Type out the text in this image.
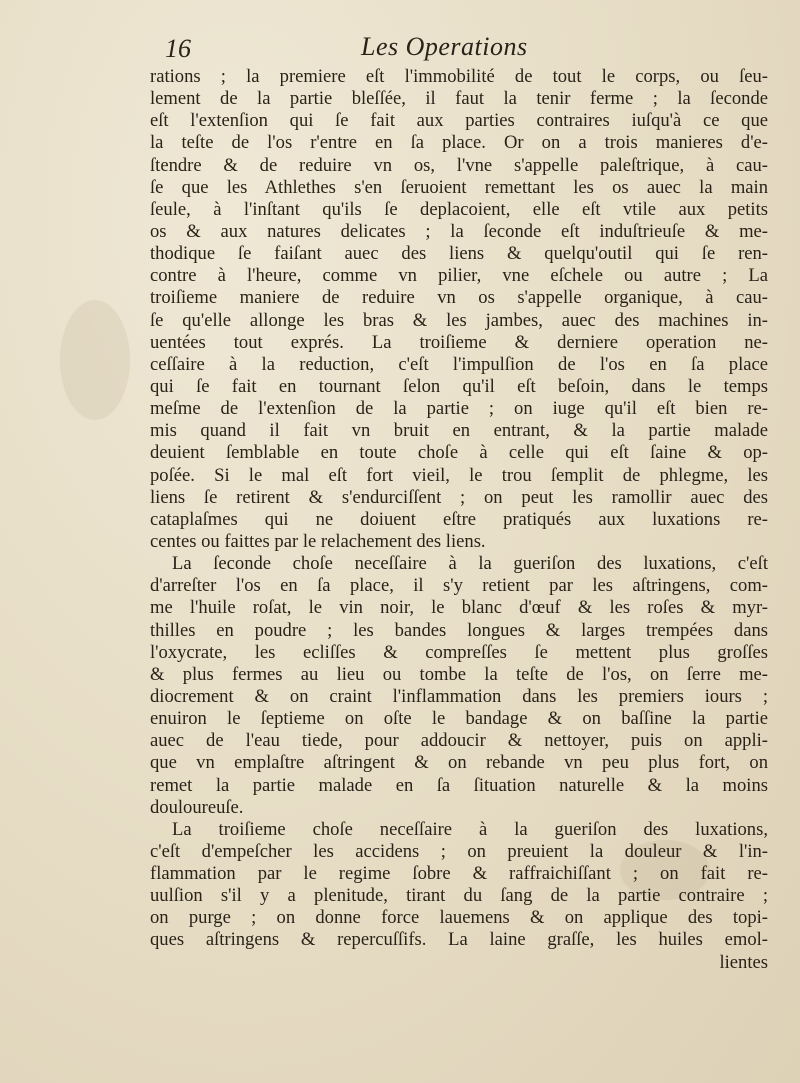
16	Les Operations
rations ; la premiere eſt l'immobilité de tout le corps, ou ſeu-
lement de la partie bleſſée, il faut la tenir ferme ; la ſeconde
eſt l'extenſion qui ſe fait aux parties contraires iuſqu'à ce que
la teſte de l'os r'entre en ſa place. Or on a trois manieres d'e-
ſtendre & de reduire vn os, l'vne s'appelle paleſtrique, à cau-
ſe que les Athlethes s'en ſeruoient remettant les os auec la main
ſeule, à l'inſtant qu'ils ſe deplacoient, elle eſt vtile aux petits
os & aux natures delicates ; la ſeconde eſt induſtrieuſe & me-
thodique ſe faiſant auec des liens & quelqu'outil qui ſe ren-
contre à l'heure, comme vn pilier, vne eſchele ou autre ; La
troiſieme maniere de reduire vn os s'appelle organique, à cau-
ſe qu'elle allonge les bras & les jambes, auec des machines in-
uentées tout exprés. La troiſieme & derniere operation ne-
ceſſaire à la reduction, c'eſt l'impulſion de l'os en ſa place
qui ſe fait en tournant ſelon qu'il eſt beſoin, dans le temps
meſme de l'extenſion de la partie ; on iuge qu'il eſt bien re-
mis quand il fait vn bruit en entrant, & la partie malade
deuient ſemblable en toute choſe à celle qui eſt ſaine & op-
poſée. Si le mal eſt fort vieil, le trou ſemplit de phlegme, les
liens ſe retirent & s'endurciſſent ; on peut les ramollir auec des
cataplaſmes qui ne doiuent eſtre pratiqués aux luxations re-
centes ou faittes par le relachement des liens.
La ſeconde choſe neceſſaire à la gueriſon des luxations, c'eſt
d'arreſter l'os en ſa place, il s'y retient par les aſtringens, com-
me l'huile roſat, le vin noir, le blanc d'œuf & les roſes & myr-
thilles en poudre ; les bandes longues & larges trempées dans
l'oxycrate, les ecliſſes & compreſſes ſe mettent plus groſſes
& plus fermes au lieu ou tombe la teſte de l'os, on ſerre me-
diocrement & on craint l'inflammation dans les premiers iours ;
enuiron le ſeptieme on oſte le bandage & on baſſine la partie
auec de l'eau tiede, pour addoucir & nettoyer, puis on appli-
que vn emplaſtre aſtringent & on rebande vn peu plus fort, on
remet la partie malade en ſa ſituation naturelle & la moins
douloureuſe.
La troiſieme choſe neceſſaire à la gueriſon des luxations,
c'eſt d'empeſcher les accidens ; on preuient la douleur & l'in-
flammation par le regime ſobre & raffraichiſſant ; on fait re-
uulſion s'il y a plenitude, tirant du ſang de la partie contraire ;
on purge ; on donne force lauemens & on applique des topi-
ques aſtringens & repercuſſifs. La laine graſſe, les huiles emol-
lientes
